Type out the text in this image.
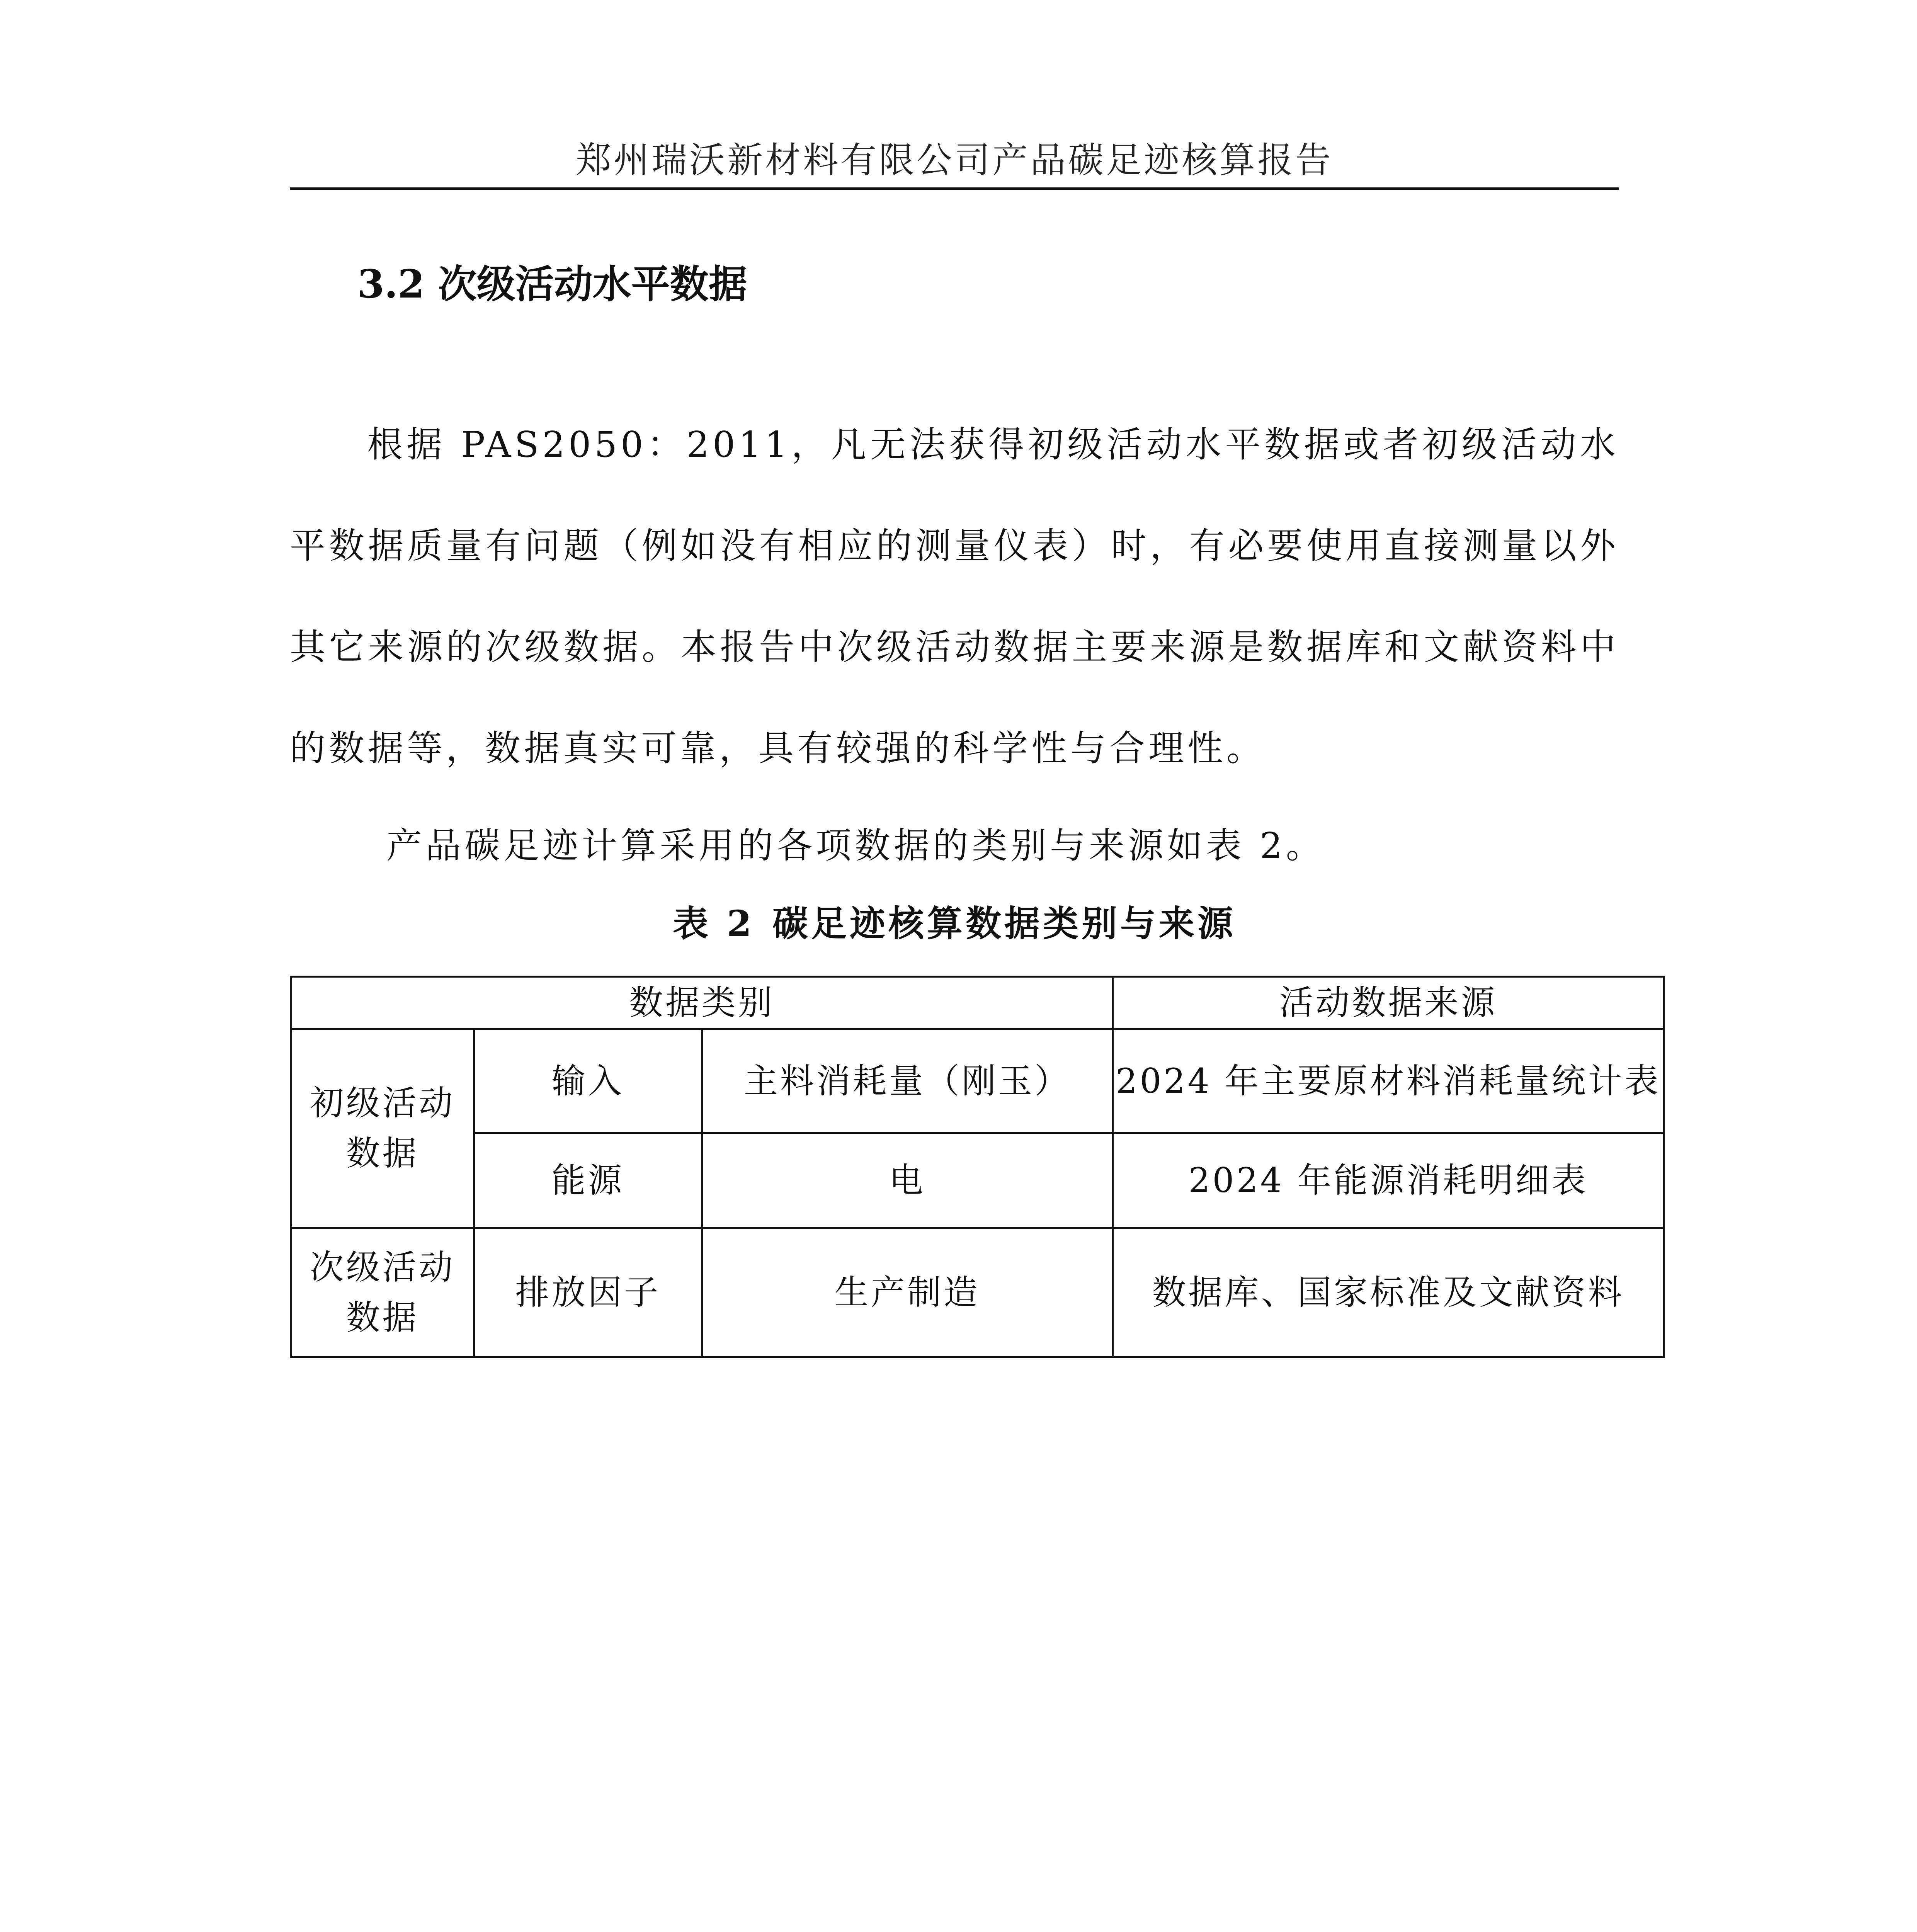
郑州瑞沃新材料有限公司产品碳足迹核算报告
3.2 次级活动水平数据
根据 PAS2050：2011，凡无法获得初级活动水平数据或者初级活动水平数据质量有问题（例如没有相应的测量仪表）时，有必要使用直接测量以外其它来源的次级数据。本报告中次级活动数据主要来源是数据库和文献资料中的数据等，数据真实可靠，具有较强的科学性与合理性。
产品碳足迹计算采用的各项数据的类别与来源如表 2。
表 2 碳足迹核算数据类别与来源
数据类别			活动数据来源

初级活动
数据	输入	主料消耗量（刚玉）	2024 年主要原材料消耗量统计表
	能源	电	2024 年能源消耗明细表

次级活动
数据	排放因子	生产制造	数据库、国家标准及文献资料
